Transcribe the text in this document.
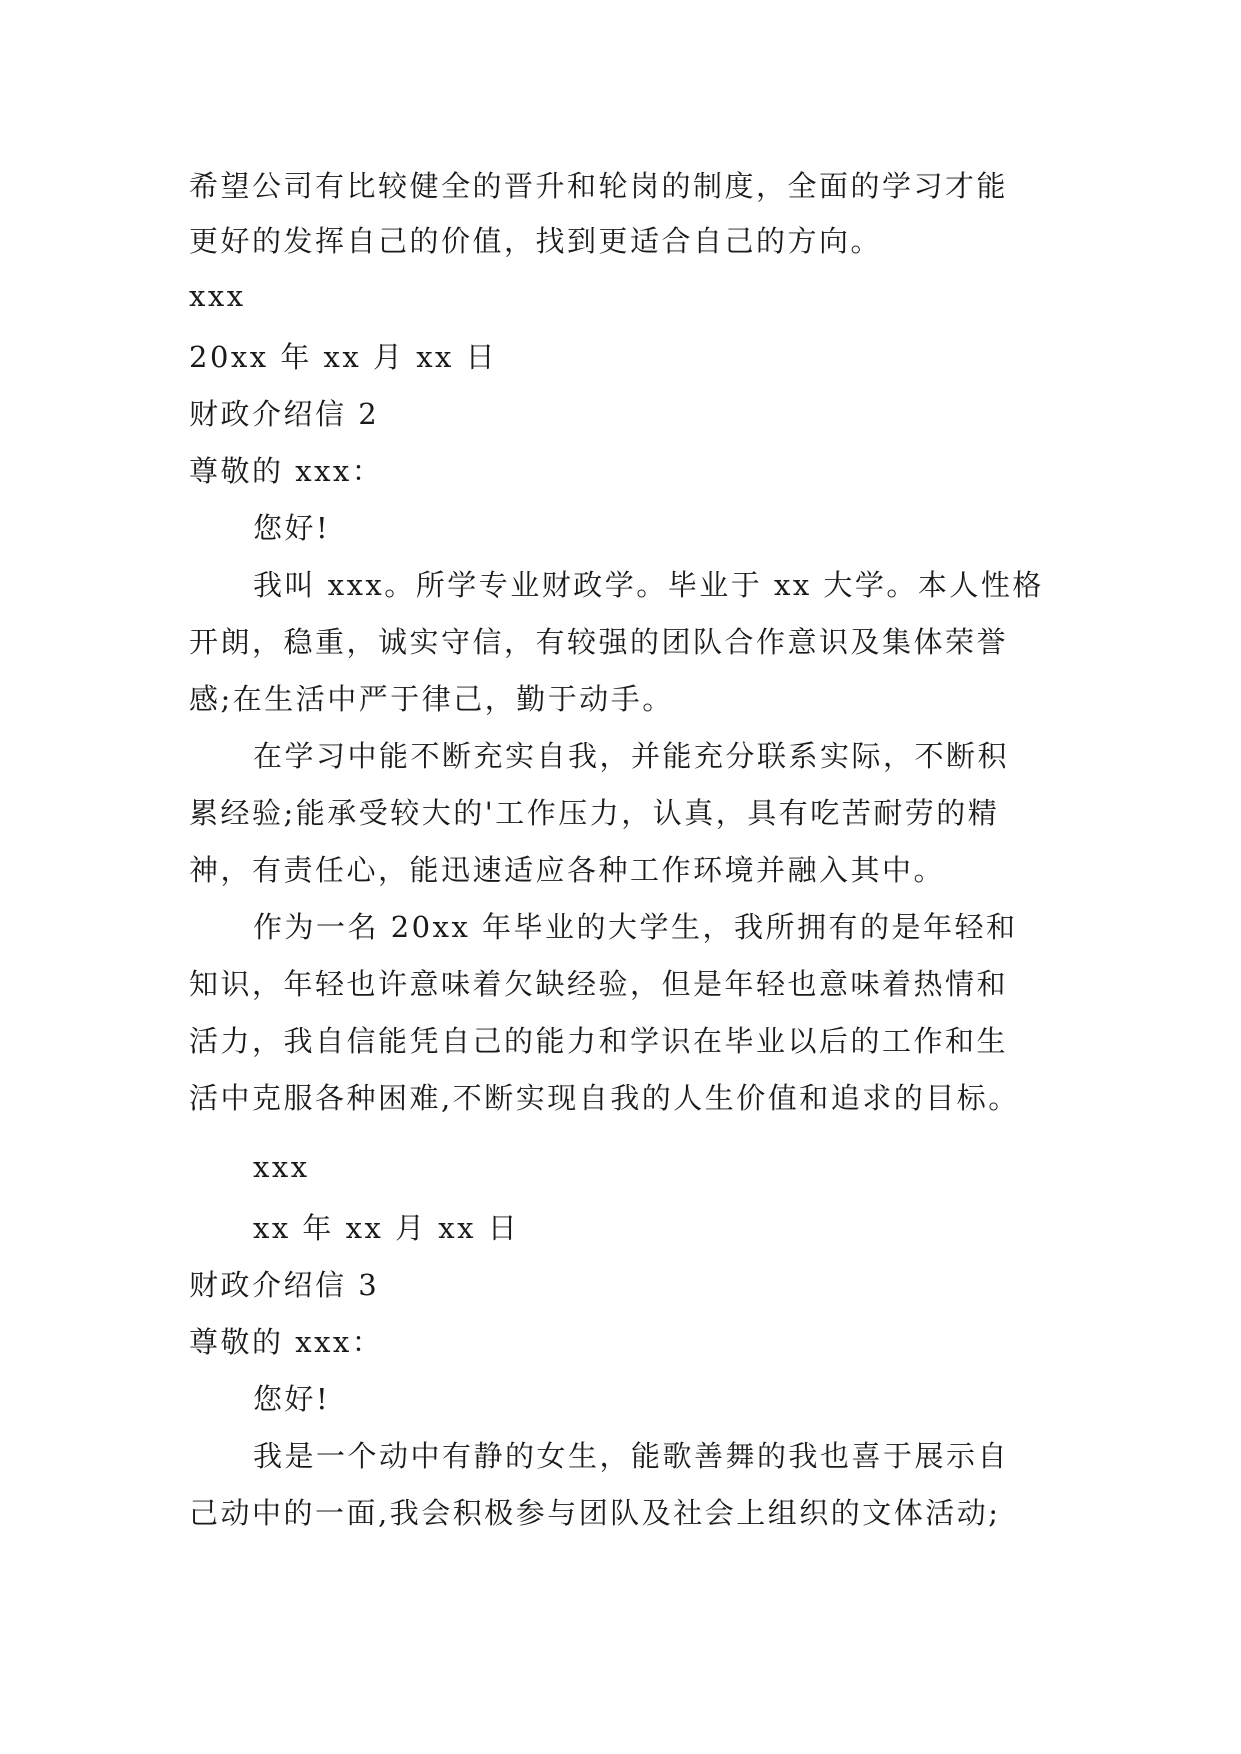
希望公司有比较健全的晋升和轮岗的制度，全面的学习才能
更好的发挥自己的价值，找到更适合自己的方向。
xxx
20xx 年 xx 月 xx 日
财政介绍信 2
尊敬的 xxx：
您好!
我叫 xxx。所学专业财政学。毕业于 xx 大学。本人性格
开朗，稳重，诚实守信，有较强的团队合作意识及集体荣誉
感;在生活中严于律己，勤于动手。
在学习中能不断充实自我，并能充分联系实际，不断积
累经验;能承受较大的'工作压力，认真，具有吃苦耐劳的精
神，有责任心，能迅速适应各种工作环境并融入其中。
作为一名 20xx 年毕业的大学生，我所拥有的是年轻和
知识，年轻也许意味着欠缺经验，但是年轻也意味着热情和
活力，我自信能凭自己的能力和学识在毕业以后的工作和生
活中克服各种困难,不断实现自我的人生价值和追求的目标。
xxx
xx 年 xx 月 xx 日
财政介绍信 3
尊敬的 xxx：
您好!
我是一个动中有静的女生，能歌善舞的我也喜于展示自
己动中的一面,我会积极参与团队及社会上组织的文体活动;
